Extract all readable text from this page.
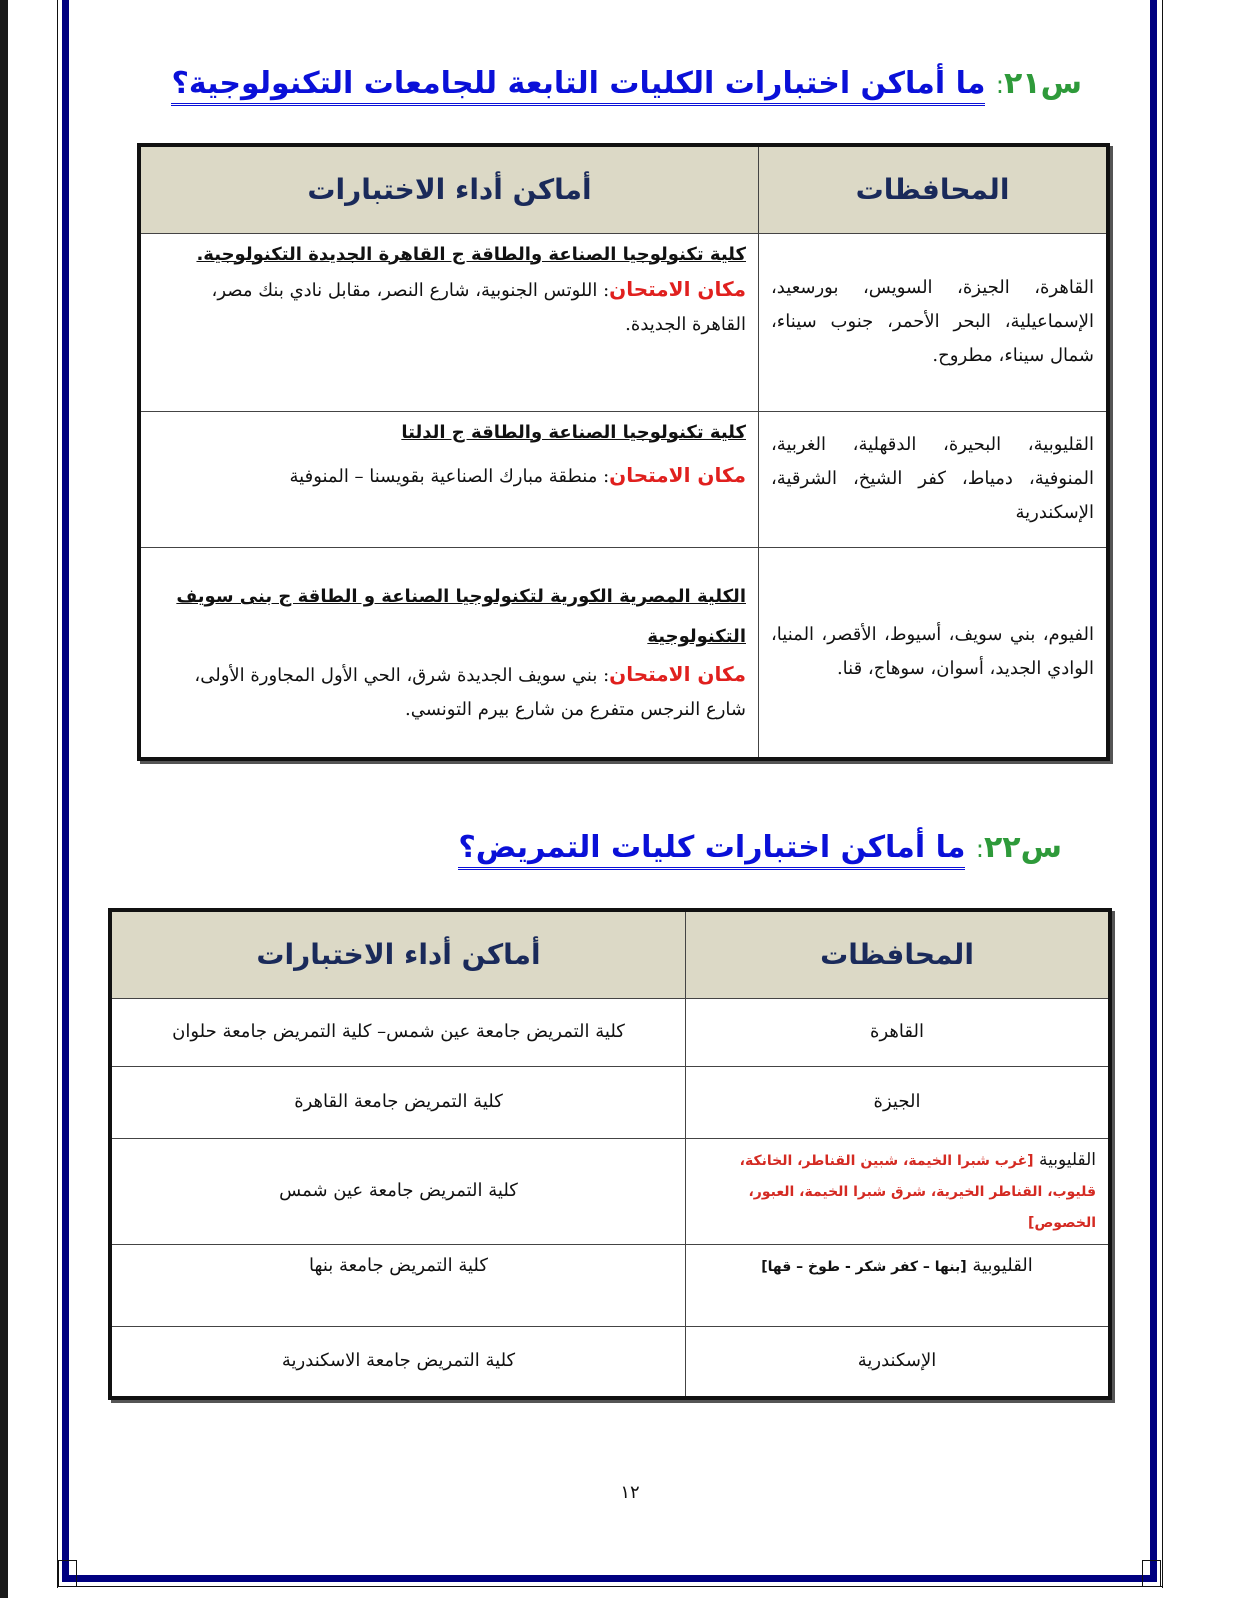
س٢١: ما أماكن اختبارات الكليات التابعة للجامعات التكنولوجية؟
المحافظات	أماكن أداء الاختبارات
القاهرة، الجيزة، السويس، بورسعيد، الإسماعيلية، البحر الأحمر، جنوب سيناء، شمال سيناء، مطروح.	كلية تكنولوجيا الصناعة والطاقة ج القاهرة الجديدة التكنولوجية.
مكان الامتحان: اللوتس الجنوبية، شارع النصر، مقابل نادي بنك مصر، القاهرة الجديدة.

القليوبية، البحيرة، الدقهلية، الغربية، المنوفية، دمياط، كفر الشيخ، الشرقية، الإسكندرية	كلية تكنولوجيا الصناعة والطاقة ج الدلتا
مكان الامتحان: منطقة مبارك الصناعية بقويسنا – المنوفية

الفيوم، بني سويف، أسيوط، الأقصر، المنيا، الوادي الجديد، أسوان، سوهاج، قنا.	الكلية المصرية الكورية لتكنولوجيا الصناعة و الطاقة ج بنى سويف التكنولوجية
مكان الامتحان: بني سويف الجديدة شرق، الحي الأول المجاورة الأولى، شارع النرجس متفرع من شارع بيرم التونسي.
س٢٢: ما أماكن اختبارات كليات التمريض؟
المحافظات	أماكن أداء الاختبارات
القاهرة	كلية التمريض جامعة عين شمس– كلية التمريض جامعة حلوان
الجيزة	كلية التمريض جامعة القاهرة
القليوبية [غرب شبرا الخيمة، شبين القناطر، الخانكة، قليوب، القناطر الخيرية، شرق شبرا الخيمة، العبور، الخصوص]	كلية التمريض جامعة عين شمس
القليوبية [بنها – كفر شكر - طوخ – قها]	كلية التمريض جامعة بنها
الإسكندرية	كلية التمريض جامعة الاسكندرية
١٢
